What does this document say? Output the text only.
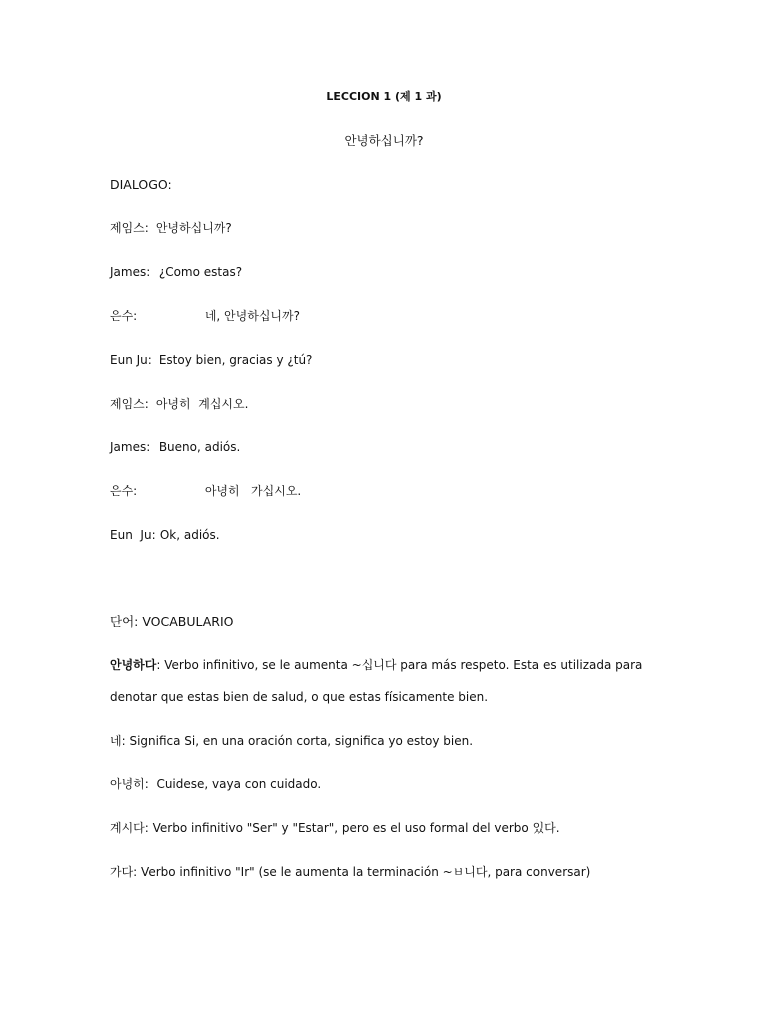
LECCION 1 (제 1 과)
안녕하십니까?
DIALOGO:
제임스: 안녕하십니까?
James: ¿Como estas?
은수:	네, 안녕하십니까?
Eun Ju: Estoy bien, gracias y ¿tú?
제임스: 아녕히  계십시오.
James: Bueno, adiós.
은수:	아녕히   가십시오.
Eun  Ju: Ok, adiós.
단어: VOCABULARIO
안녕하다: Verbo infinitivo, se le aumenta ~십니다 para más respeto. Esta es utilizada para
denotar que estas bien de salud, o que estas físicamente bien.
네: Significa Si, en una oración corta, significa yo estoy bien.
아녕히:  Cuidese, vaya con cuidado.
계시다: Verbo infinitivo "Ser" y "Estar", pero es el uso formal del verbo 있다.
가다: Verbo infinitivo "Ir" (se le aumenta la terminación ~ㅂ니다, para conversar)
